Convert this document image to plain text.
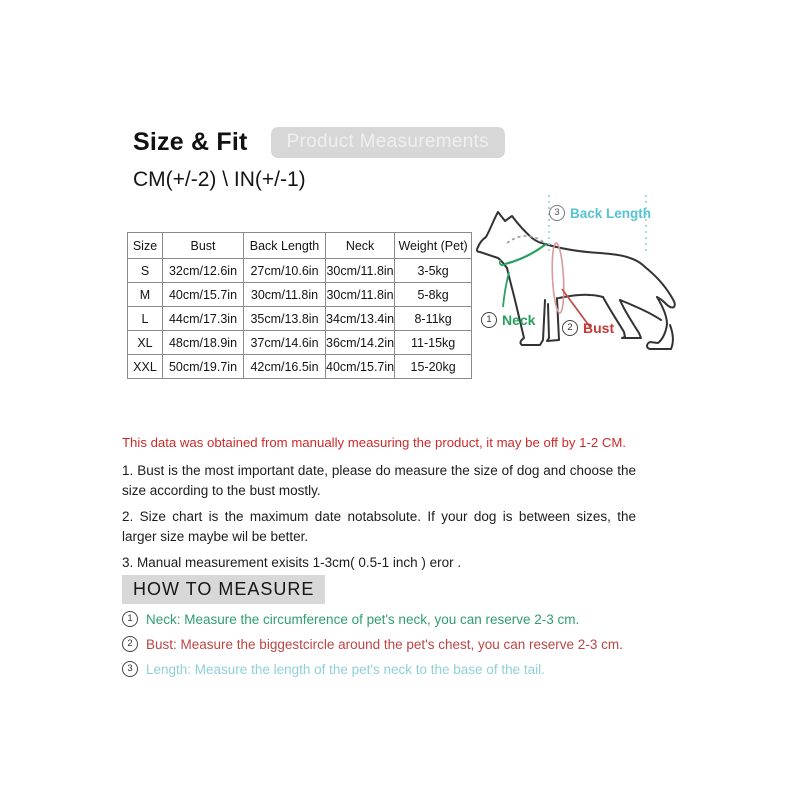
Size & Fit	Product Measurements
CM(+/-2) \ IN(+/-1)
Size	Bust	Back Length	Neck	Weight (Pet)
S	32cm/12.6in	27cm/10.6in	30cm/11.8in	3-5kg
M	40cm/15.7in	30cm/11.8in	30cm/11.8in	5-8kg
L	44cm/17.3in	35cm/13.8in	34cm/13.4in	8-11kg
XL	48cm/18.9in	37cm/14.6in	36cm/14.2in	11-15kg
XXL	50cm/19.7in	42cm/16.5in	40cm/15.7in	15-20kg
3 Back Length
1 Neck	2 Bust

This data was obtained from manually measuring the product, it may be off by 1-2 CM.

1. Bust is the most important date, please do measure the size of dog and choose the size according to the bust mostly.

2. Size chart is the maximum date notabsolute. If your dog is between sizes, the larger size maybe wil be better.

3. Manual measurement exisits 1-3cm( 0.5-1 inch ) eror .

HOW TO MEASURE
1 Neck: Measure the circumference of pet's neck, you can reserve 2-3 cm.
2 Bust: Measure the biggestcircle around the pet's chest, you can reserve 2-3 cm.
3 Length: Measure the length of the pet's neck to the base of the tail.
